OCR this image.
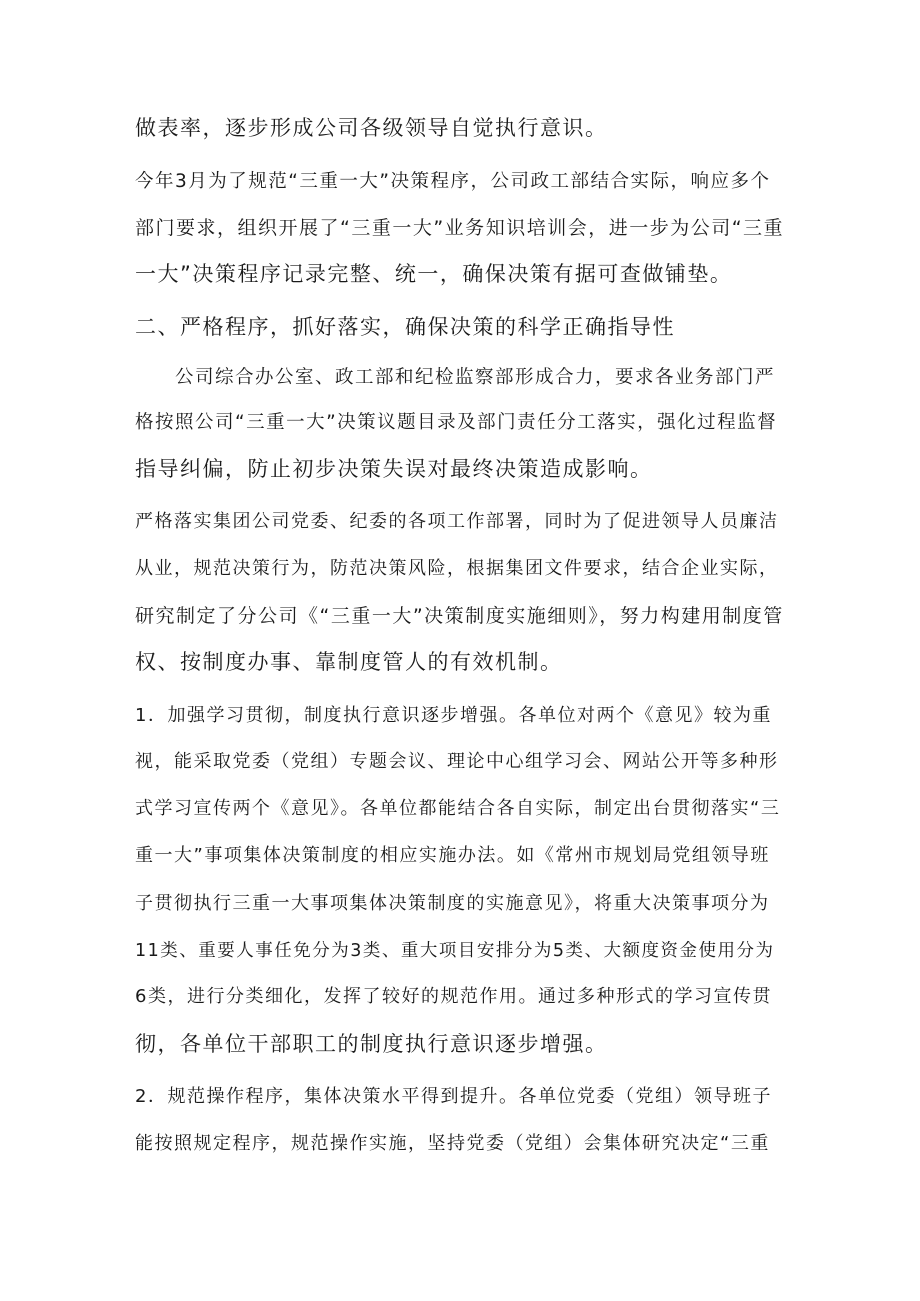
做表率，逐步形成公司各级领导自觉执行意识。
今年3月为了规范“三重一大”决策程序，公司政工部结合实际，响应多个
部门要求，组织开展了“三重一大”业务知识培训会，进一步为公司“三重
一大”决策程序记录完整、统一，确保决策有据可查做铺垫。
二、严格程序，抓好落实，确保决策的科学正确指导性
　　公司综合办公室、政工部和纪检监察部形成合力，要求各业务部门严
格按照公司“三重一大”决策议题目录及部门责任分工落实，强化过程监督
指导纠偏，防止初步决策失误对最终决策造成影响。
严格落实集团公司党委、纪委的各项工作部署，同时为了促进领导人员廉洁
从业，规范决策行为，防范决策风险，根据集团文件要求，结合企业实际，
研究制定了分公司《“三重一大”决策制度实施细则》，努力构建用制度管
权、按制度办事、靠制度管人的有效机制。
1．加强学习贯彻，制度执行意识逐步增强。各单位对两个《意见》较为重
视，能采取党委（党组）专题会议、理论中心组学习会、网站公开等多种形
式学习宣传两个《意见》。各单位都能结合各自实际，制定出台贯彻落实“三
重一大”事项集体决策制度的相应实施办法。如《常州市规划局党组领导班
子贯彻执行三重一大事项集体决策制度的实施意见》，将重大决策事项分为
11类、重要人事任免分为3类、重大项目安排分为5类、大额度资金使用分为
6类，进行分类细化，发挥了较好的规范作用。通过多种形式的学习宣传贯
彻，各单位干部职工的制度执行意识逐步增强。
2．规范操作程序，集体决策水平得到提升。各单位党委（党组）领导班子
能按照规定程序，规范操作实施，坚持党委（党组）会集体研究决定“三重
